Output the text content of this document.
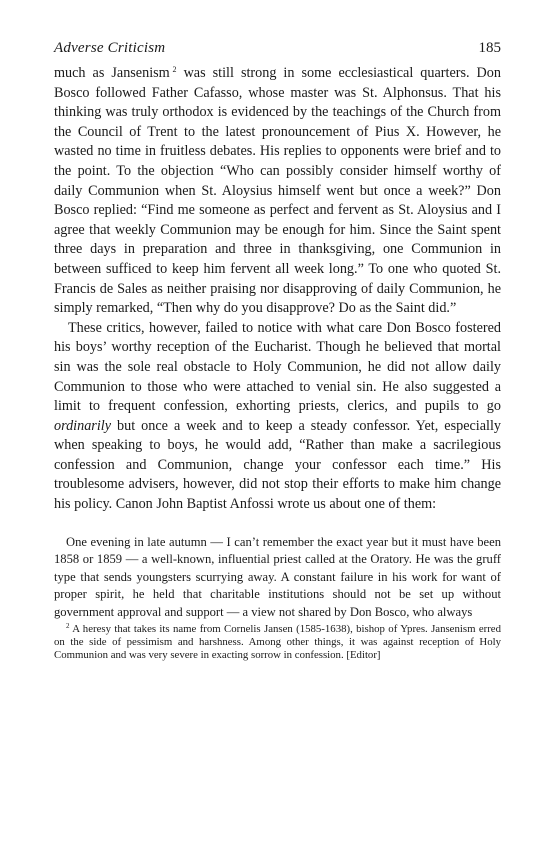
Adverse Criticism	185

much as Jansenism  $^2$ was still strong in some ecclesiastical quarters. Don Bosco followed Father Cafasso, whose master was St. Alphonsus. That his thinking was truly orthodox is evidenced by the teachings of the Church from the Council of Trent to the latest pronouncement of Pius X. However, he wasted no time in fruitless debates. His replies to opponents were brief and to the point. To the objection “Who can possibly consider himself worthy of daily Communion when St. Aloysius himself went but once a week?” Don Bosco replied: “Find me someone as perfect and fervent as St. Aloysius and I agree that weekly Communion may be enough for him. Since the Saint spent three days in preparation and three in thanksgiving, one Communion in between sufficed to keep him fervent all week long.” To one who quoted St. Francis de Sales as neither praising nor disapproving of daily Communion, he simply remarked, “Then why do you disapprove? Do as the Saint did.”

These critics, however, failed to notice with what care Don Bosco fostered his boys’ worthy reception of the Eucharist. Though he believed that mortal sin was the sole real obstacle to Holy Communion, he did not allow daily Communion to those who were attached to venial sin. He also suggested a limit to frequent confession, exhorting priests, clerics, and pupils to go ordinarily but once a week and to keep a steady confessor. Yet, especially when speaking to boys, he would add, “Rather than make a sacrilegious confession and Communion, change your confessor each time.” His troublesome advisers, however, did not stop their efforts to make him change his policy. Canon John Baptist Anfossi wrote us about one of them:

One evening in late autumn — I can’t remember the exact year but it must have been 1858 or 1859 — a well-known, influential priest called at the Oratory. He was the gruff type that sends youngsters scurrying away. A constant failure in his work for want of proper spirit, he held that charitable institutions should not be set up without government approval and support — a view not shared by Don Bosco, who always

$^2$ A heresy that takes its name from Cornelis Jansen (1585-1638), bishop of Ypres. Jansenism erred on the side of pessimism and harshness. Among other things, it was against reception of Holy Communion and was very severe in exacting sorrow in confession. [Editor]
